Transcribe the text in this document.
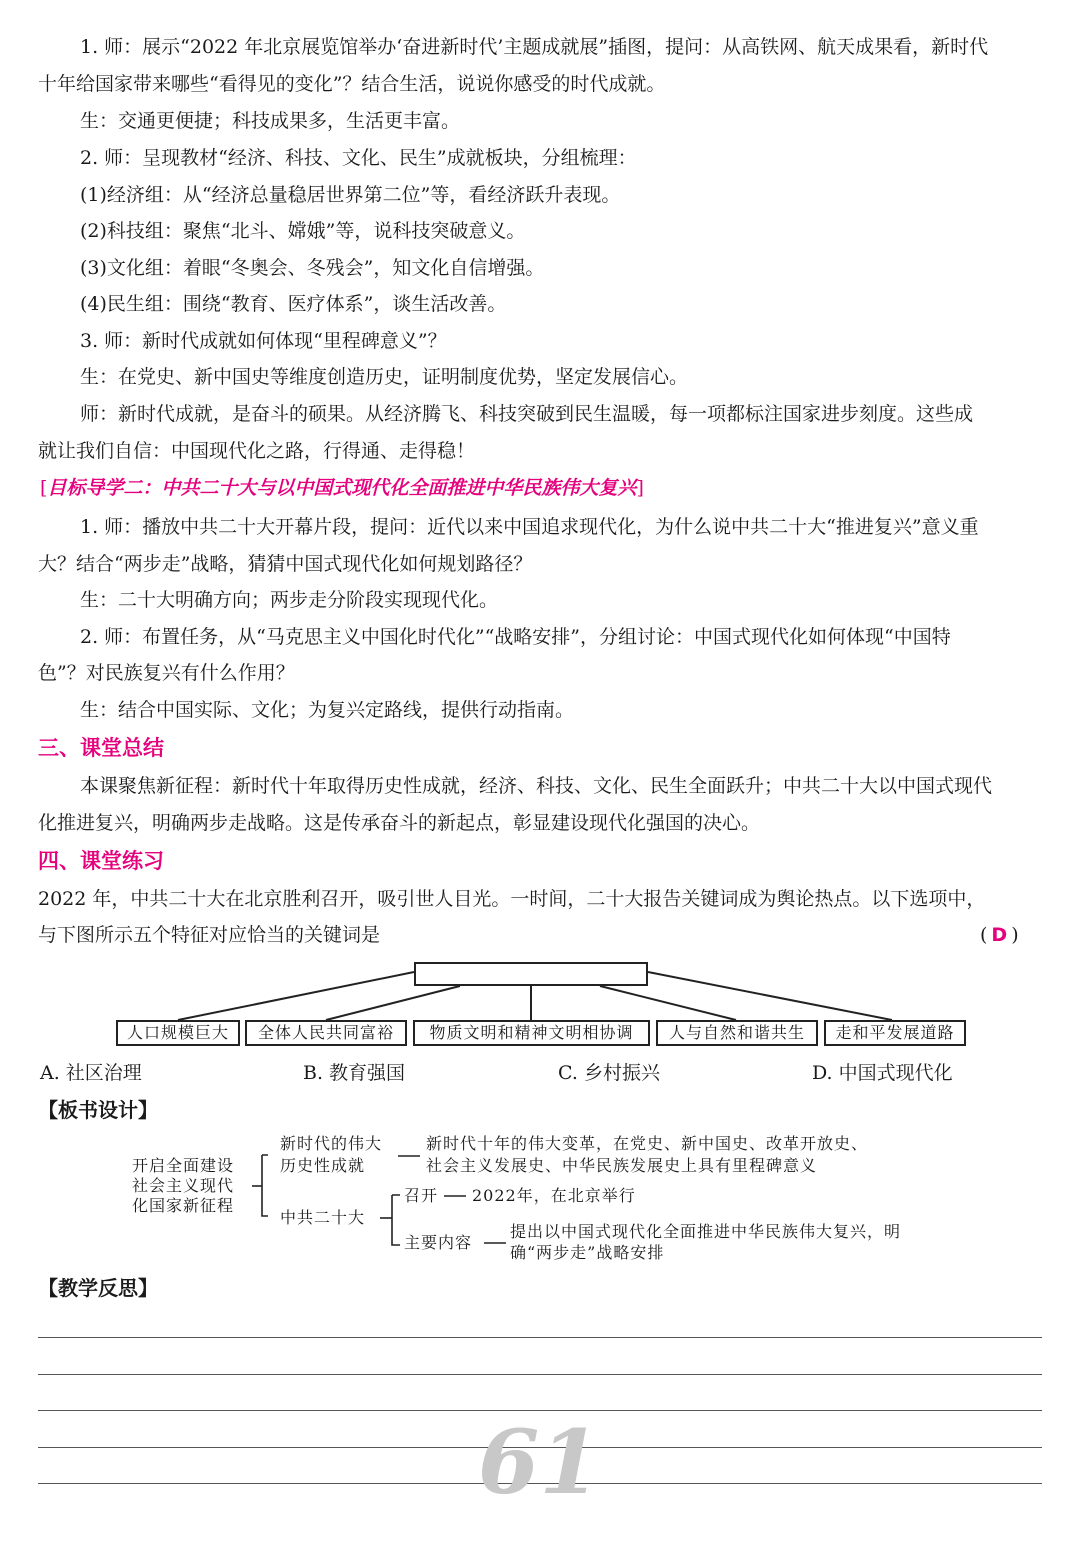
1. 师：展示“2022 年北京展览馆举办‘奋进新时代’主题成就展”插图，提问：从高铁网、航天成果看，新时代
十年给国家带来哪些“看得见的变化”？结合生活，说说你感受的时代成就。
生：交通更便捷；科技成果多，生活更丰富。
2. 师：呈现教材“经济、科技、文化、民生”成就板块，分组梳理：
(1)经济组：从“经济总量稳居世界第二位”等，看经济跃升表现。
(2)科技组：聚焦“北斗、嫦娥”等，说科技突破意义。
(3)文化组：着眼“冬奥会、冬残会”，知文化自信增强。
(4)民生组：围绕“教育、医疗体系”，谈生活改善。
3. 师：新时代成就如何体现“里程碑意义”？
生：在党史、新中国史等维度创造历史，证明制度优势，坚定发展信心。
师：新时代成就，是奋斗的硕果。从经济腾飞、科技突破到民生温暖，每一项都标注国家进步刻度。这些成
就让我们自信：中国现代化之路，行得通、走得稳！
[目标导学二：中共二十大与以中国式现代化全面推进中华民族伟大复兴]
1. 师：播放中共二十大开幕片段，提问：近代以来中国追求现代化，为什么说中共二十大“推进复兴”意义重
大？结合“两步走”战略，猜猜中国式现代化如何规划路径？
生：二十大明确方向；两步走分阶段实现现代化。
2. 师：布置任务，从“马克思主义中国化时代化”“战略安排”，分组讨论：中国式现代化如何体现“中国特
色”？对民族复兴有什么作用？
生：结合中国实际、文化；为复兴定路线，提供行动指南。
三、课堂总结
本课聚焦新征程：新时代十年取得历史性成就，经济、科技、文化、民生全面跃升；中共二十大以中国式现代
化推进复兴，明确两步走战略。这是传承奋斗的新起点，彰显建设现代化强国的决心。
四、课堂练习
2022 年，中共二十大在北京胜利召开，吸引世人目光。一时间，二十大报告关键词成为舆论热点。以下选项中，
与下图所示五个特征对应恰当的关键词是	( D )
人口规模巨大	全体人民共同富裕	物质文明和精神文明相协调	人与自然和谐共生	走和平发展道路
A. 社区治理	B. 教育强国	C. 乡村振兴	D. 中国式现代化
【板书设计】
开启全面建设
社会主义现代
化国家新征程
新时代的伟大
历史性成就
新时代十年的伟大变革，在党史、新中国史、改革开放史、
社会主义发展史、中华民族发展史上具有里程碑意义
中共二十大
召开 2022年，在北京举行
主要内容
提出以中国式现代化全面推进中华民族伟大复兴，明
确“两步走”战略安排
【教学反思】
61
